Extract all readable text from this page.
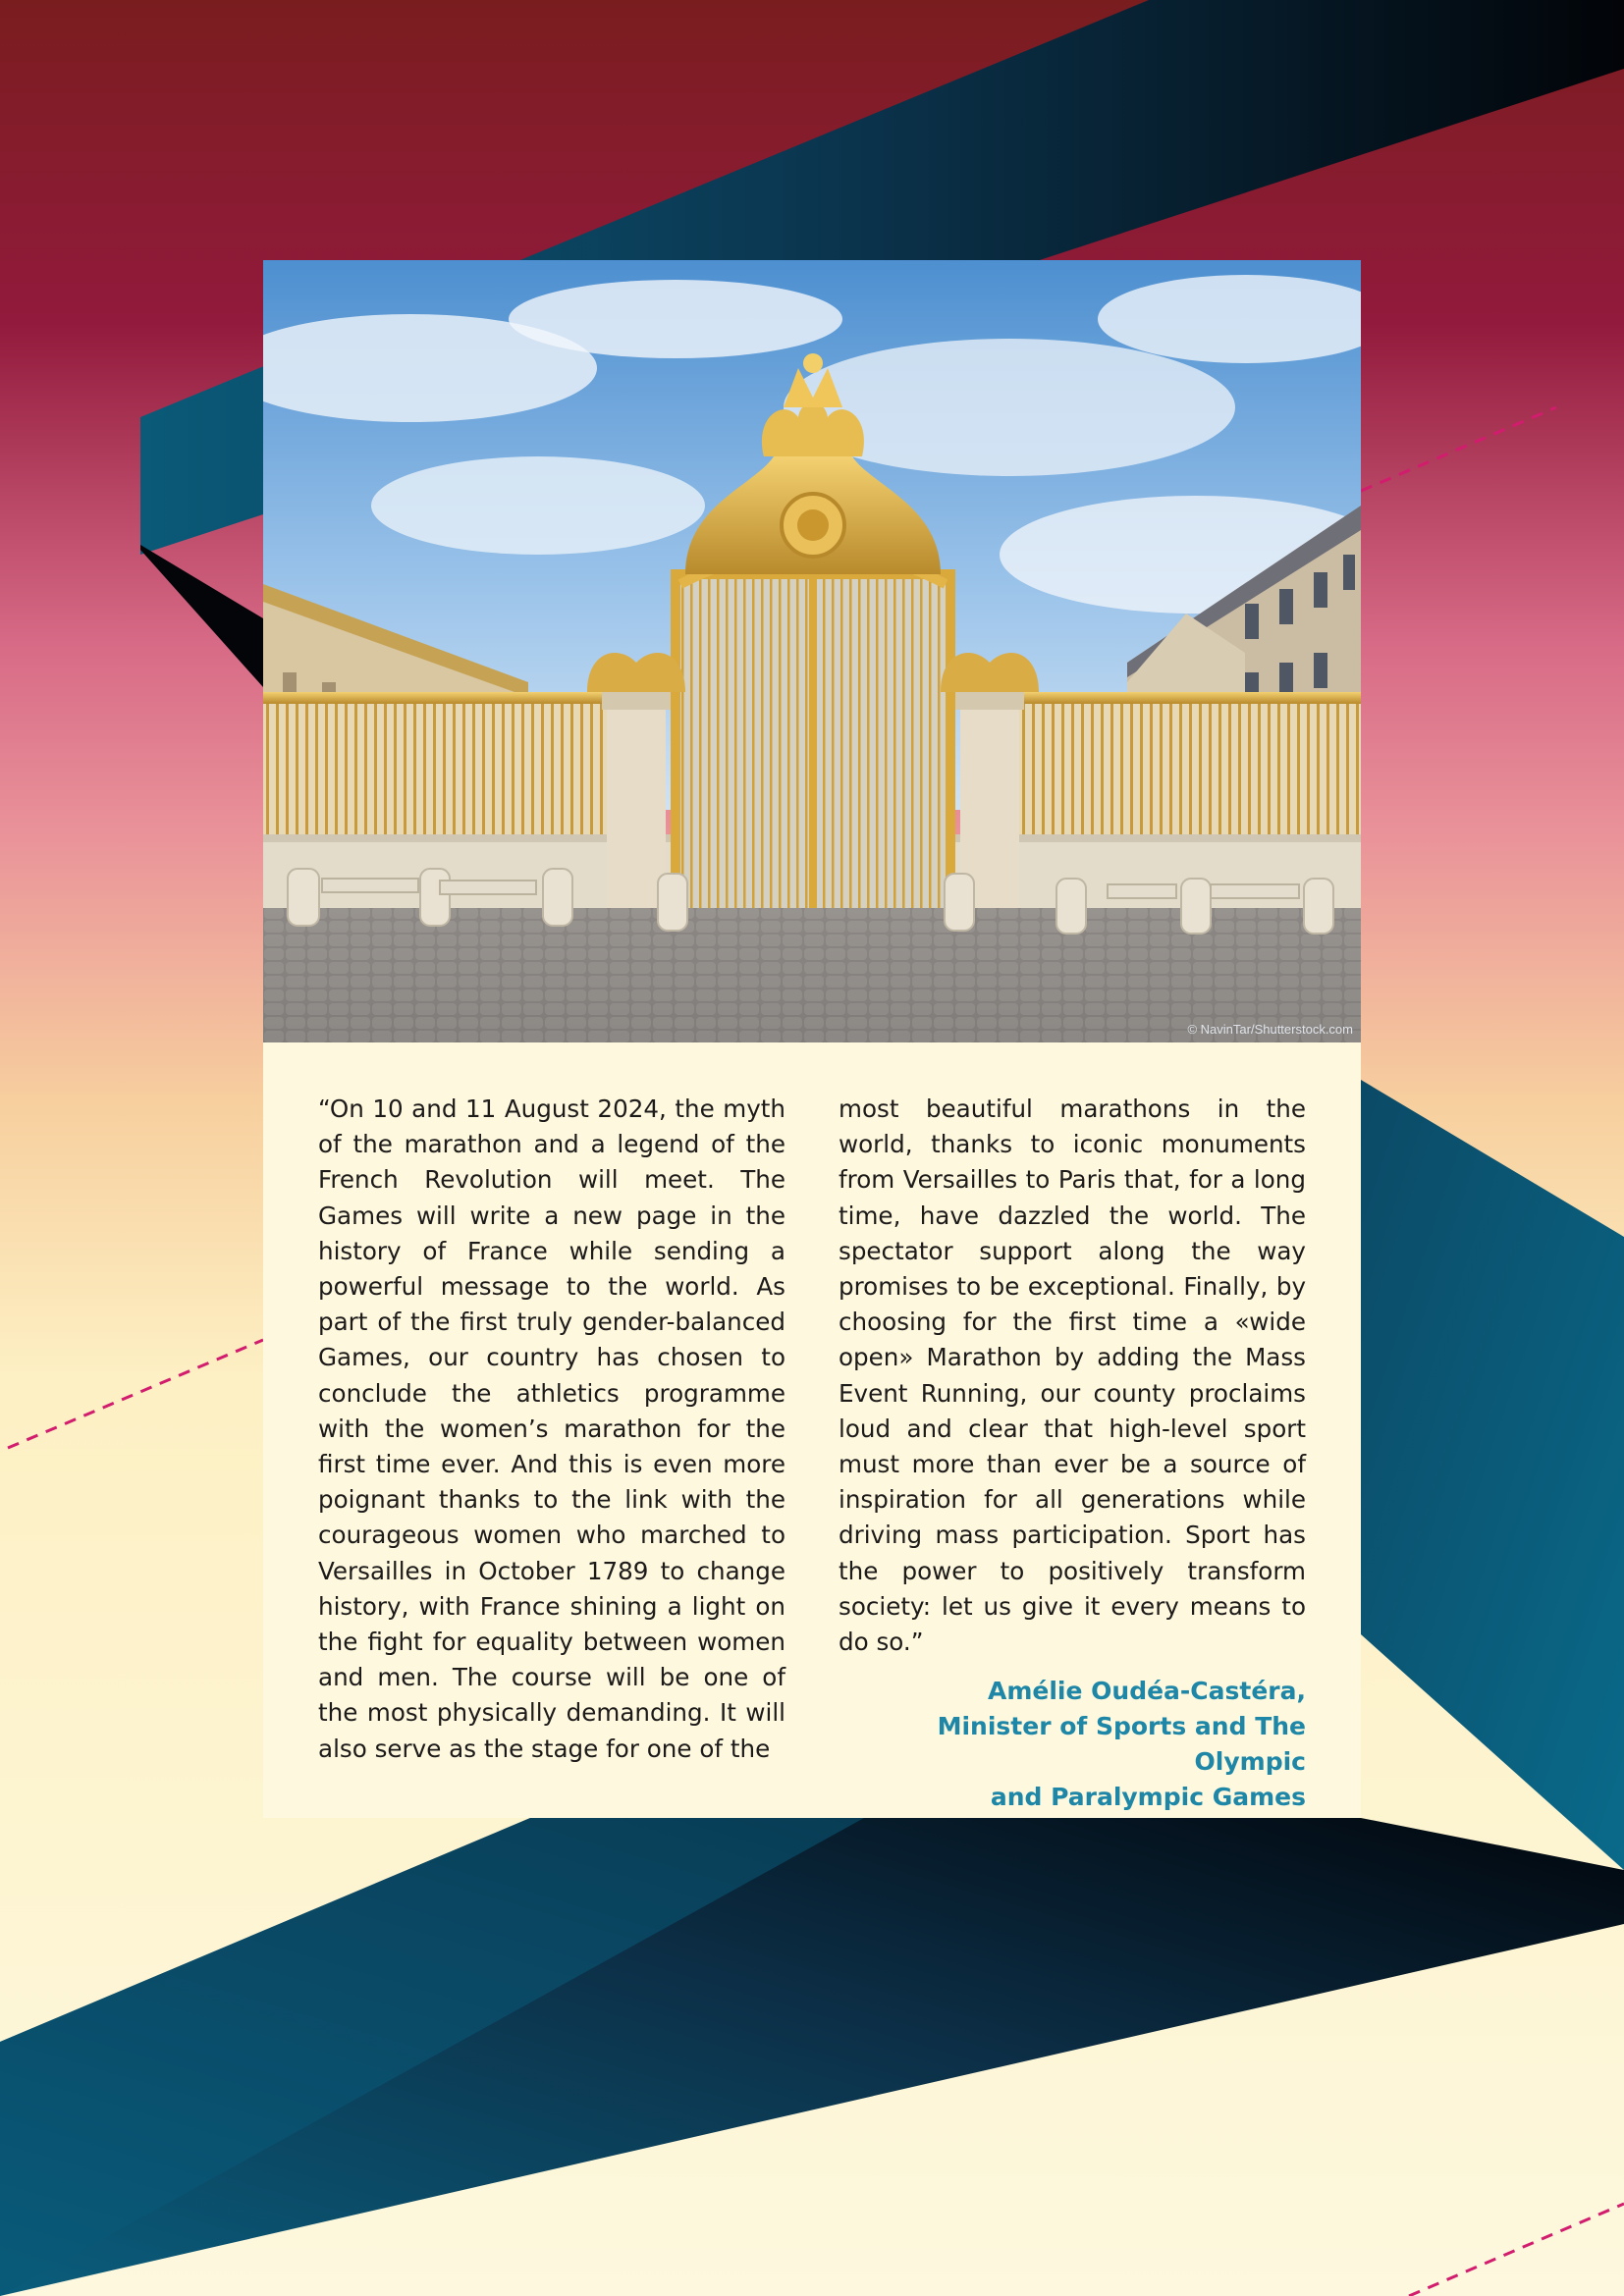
© NavinTar/Shutterstock.com

“On 10 and 11 August 2024, the myth of the marathon and a legend of the French Revolution will meet. The Games will write a new page in the history of France while sending a powerful message to the world. As part of the first truly gender-balanced Games, our country has chosen to conclude the athletics programme with the women’s marathon for the first time ever. And this is even more poignant thanks to the link with the courageous women who marched to Versailles in October 1789 to change history, with France shining a light on the fight for equality between women and men. The course will be one of the most physically demanding. It will also serve as the stage for one of the

most beautiful marathons in the world, thanks to iconic monuments from Versailles to Paris that, for a long time, have dazzled the world. The spectator support along the way promises to be exceptional. Finally, by choosing for the first time a «wide open» Marathon by adding the Mass Event Running, our county proclaims loud and clear that high-level sport must more than ever be a source of inspiration for all generations while driving mass participation. Sport has the power to positively transform society: let us give it every means to do so.”

Amélie Oudéa-Castéra,
Minister of Sports and The Olympic
and Paralympic Games
